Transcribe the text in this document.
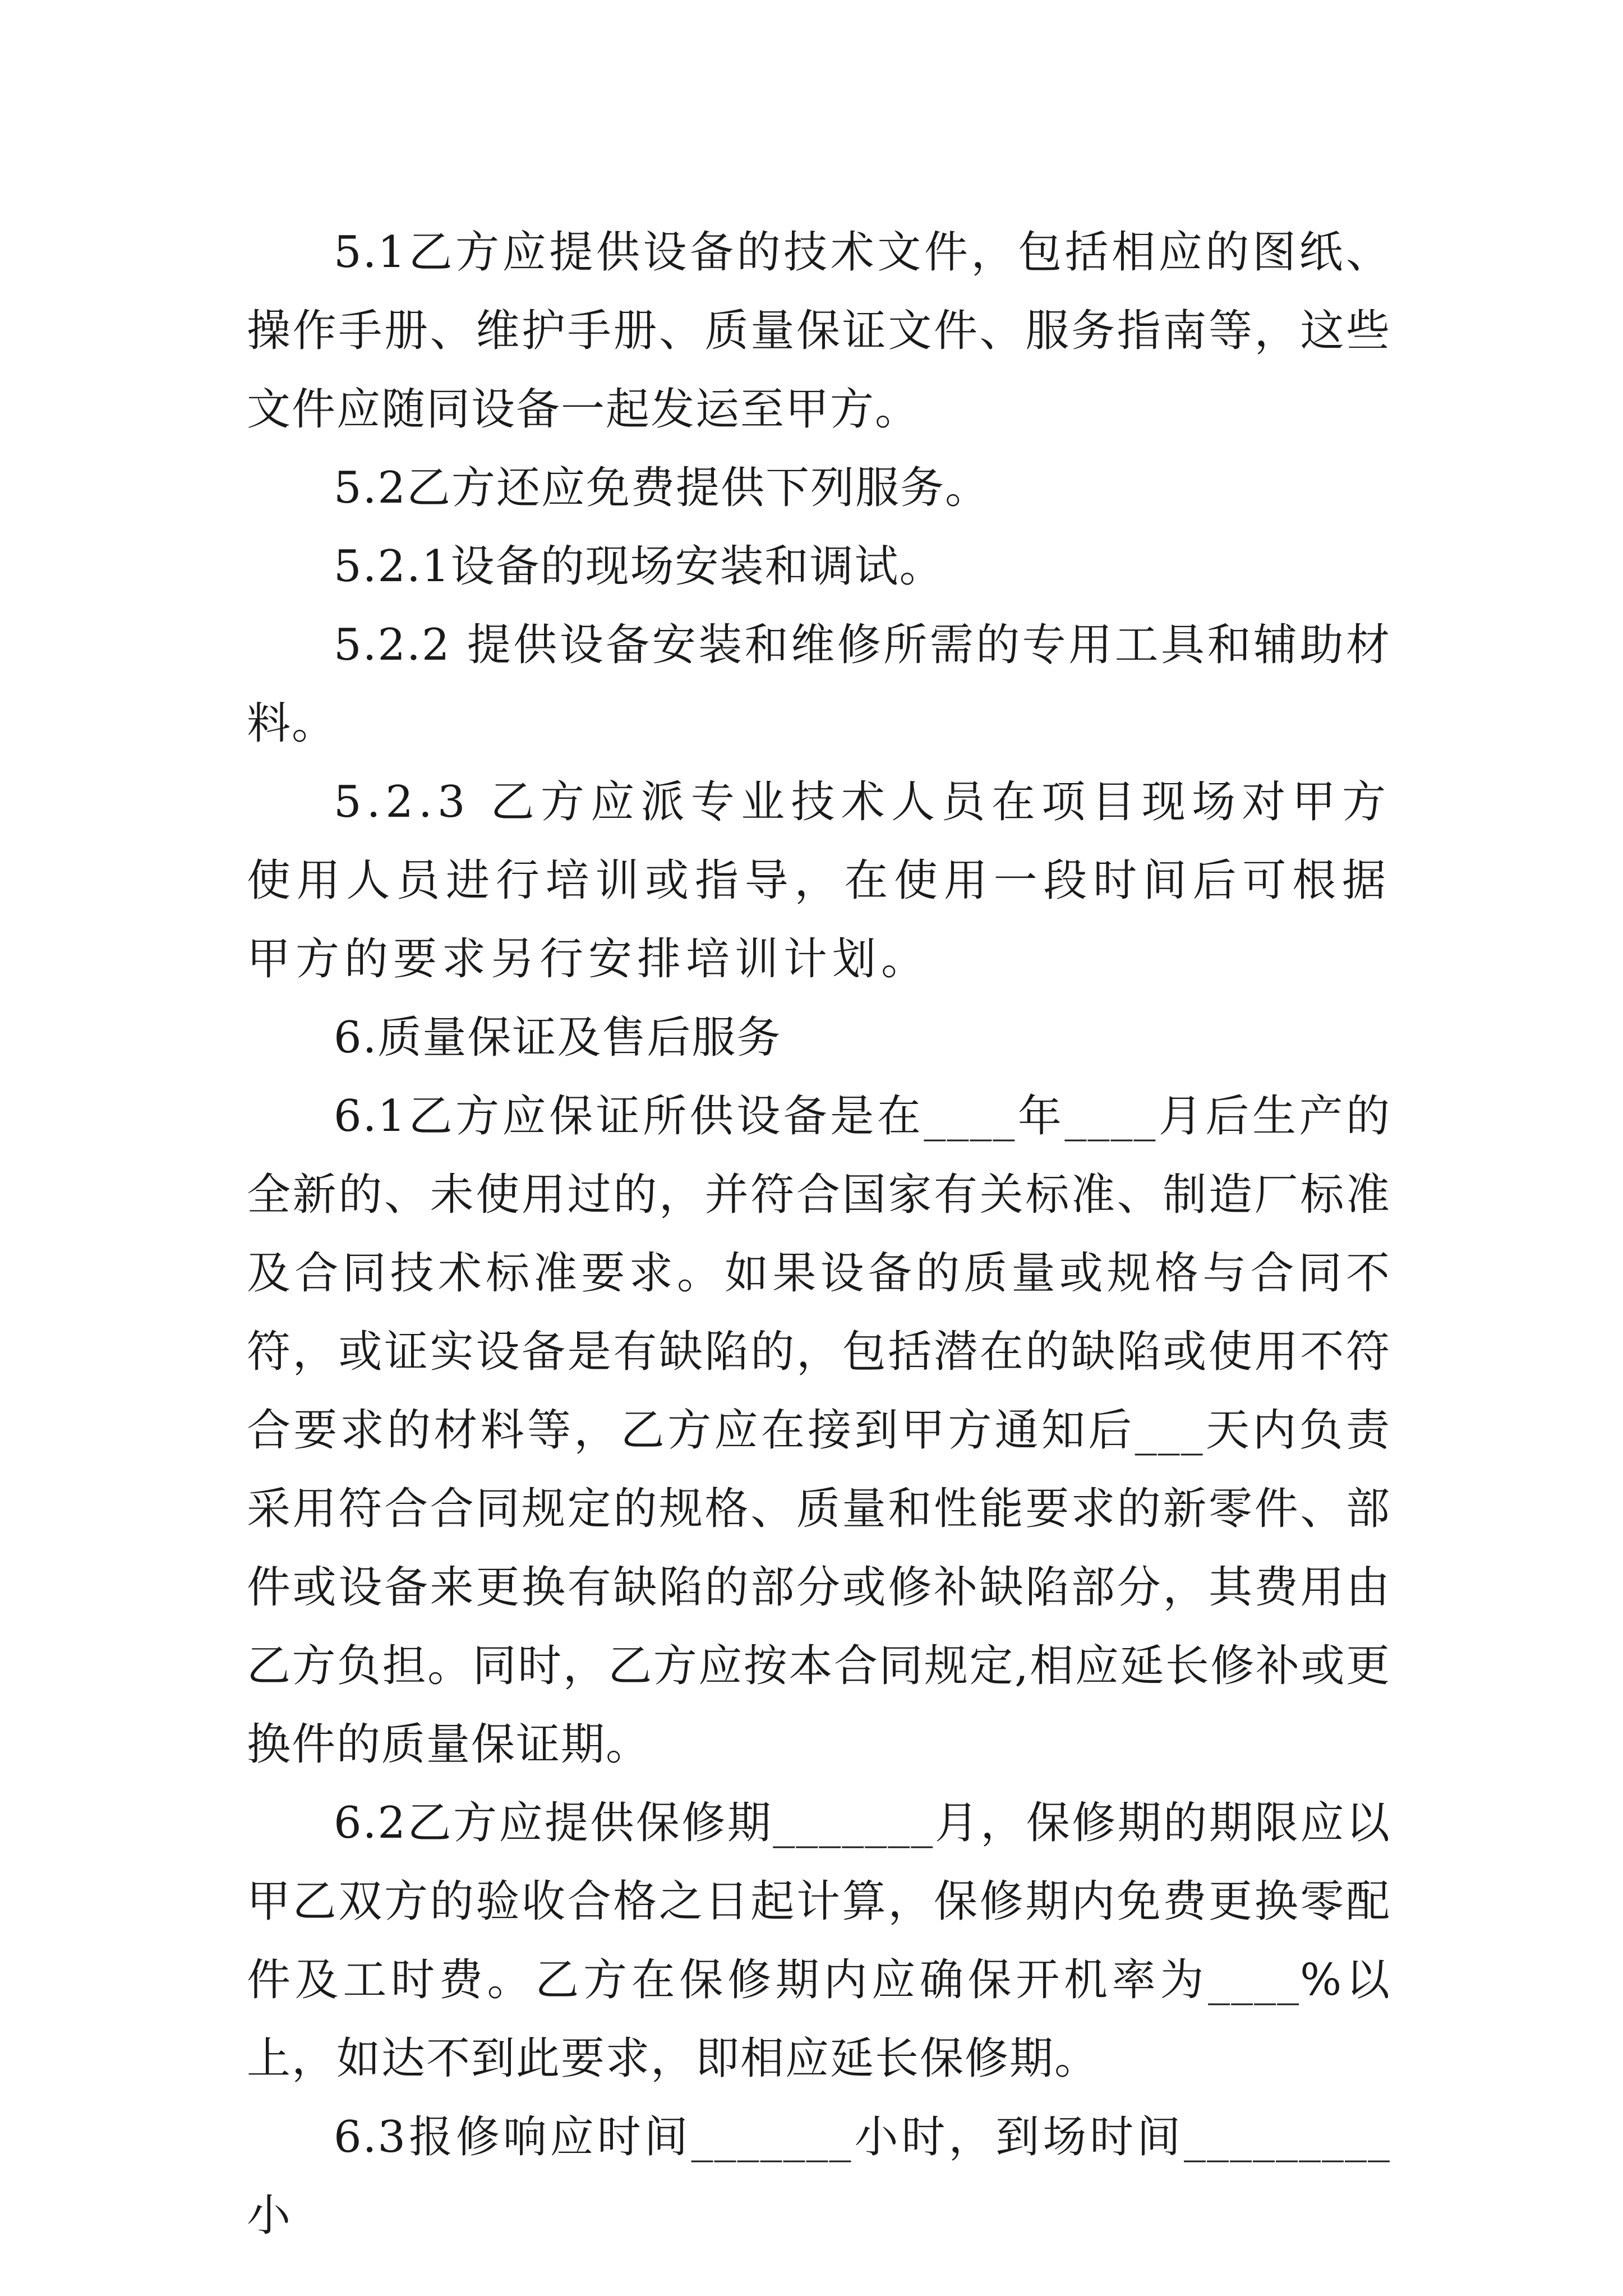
5.1乙方应提供设备的技术文件，包括相应的图纸、操作手册、维护手册、质量保证文件、服务指南等，这些文件应随同设备一起发运至甲方。

5.2乙方还应免费提供下列服务。

5.2.1设备的现场安装和调试。

5.2.2 提供设备安装和维修所需的专用工具和辅助材料。

5.2.3 乙方应派专业技术人员在项目现场对甲方使用人员进行培训或指导，在使用一段时间后可根据甲方的要求另行安排培训计划。

6.质量保证及售后服务

6.1乙方应保证所供设备是在____年____月后生产的全新的、未使用过的，并符合国家有关标准、制造厂标准及合同技术标准要求。如果设备的质量或规格与合同不符，或证实设备是有缺陷的，包括潜在的缺陷或使用不符合要求的材料等，乙方应在接到甲方通知后___天内负责采用符合合同规定的规格、质量和性能要求的新零件、部件或设备来更换有缺陷的部分或修补缺陷部分，其费用由乙方负担。同时，乙方应按本合同规定,相应延长修补或更换件的质量保证期。

6.2乙方应提供保修期_______月，保修期的期限应以甲乙双方的验收合格之日起计算，保修期内免费更换零配件及工时费。乙方在保修期内应确保开机率为____%以上，如达不到此要求，即相应延长保修期。

6.3报修响应时间_______小时，到场时间_________小
